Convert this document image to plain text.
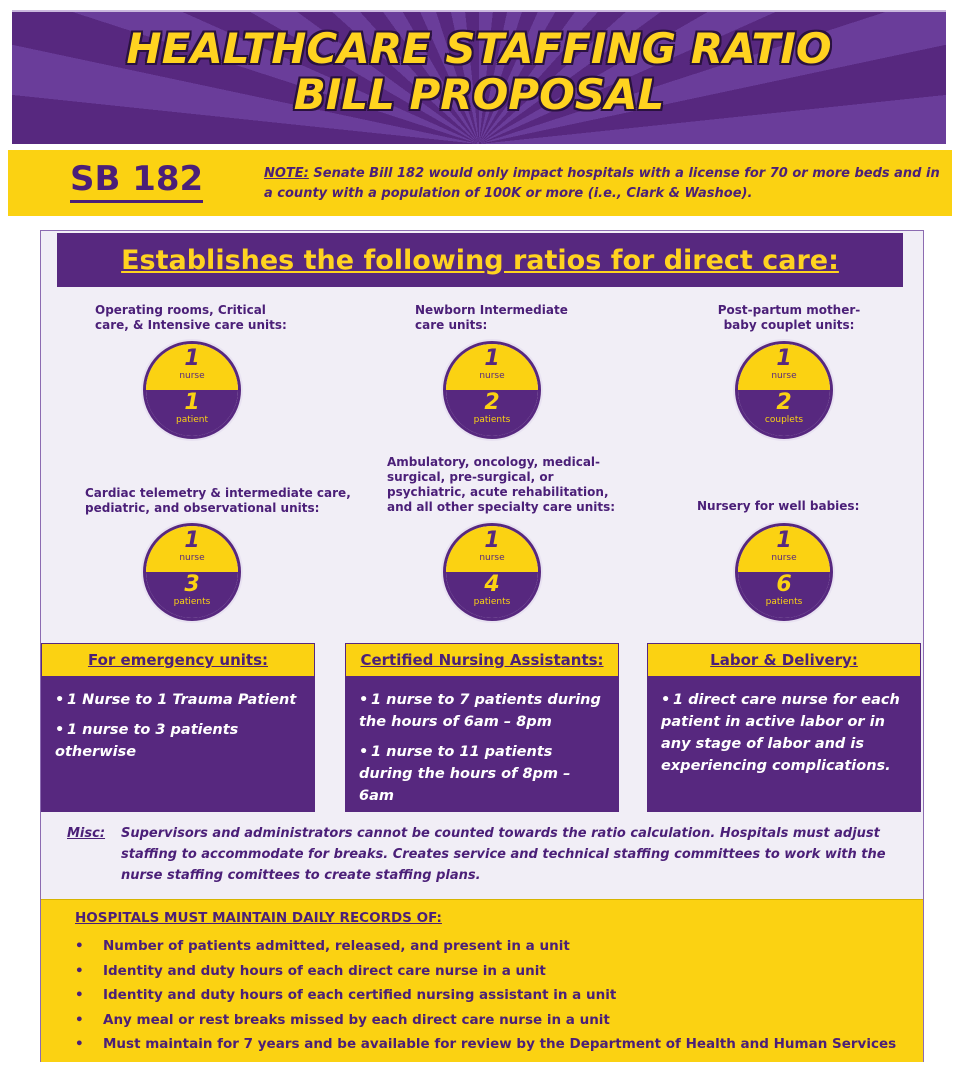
HEALTHCARE STAFFING RATIO
BILL PROPOSAL
SB 182	NOTE: Senate Bill 182 would only impact hospitals with a license for 70 or more beds and in a county with a population of 100K or more (i.e., Clark & Washoe).
Establishes the following ratios for direct care:
Operating rooms, Critical care, & Intensive care units:
1
nurse
1
patient
Newborn Intermediate care units:
1
nurse
2
patients
Post-partum mother-baby couplet units:
1
nurse
2
couplets
Cardiac telemetry & intermediate care, pediatric, and observational units:
1
nurse
3
patients
Ambulatory, oncology, medical-surgical, pre-surgical, or psychiatric, acute rehabilitation, and all other specialty care units:
1
nurse
4
patients
Nursery for well babies:
1
nurse
6
patients
For emergency units:
• 1 Nurse to 1 Trauma Patient
• 1 nurse to 3 patients otherwise
Certified Nursing Assistants:
• 1 nurse to 7 patients during the hours of 6am – 8pm
• 1 nurse to 11 patients during the hours of 8pm – 6am
Labor & Delivery:
• 1 direct care nurse for each patient in active labor or in any stage of labor and is experiencing complications.
Misc: Supervisors and administrators cannot be counted towards the ratio calculation. Hospitals must adjust staffing to accommodate for breaks. Creates service and technical staffing committees to work with the nurse staffing comittees to create staffing plans.
HOSPITALS MUST MAINTAIN DAILY RECORDS OF:
• Number of patients admitted, released, and present in a unit
• Identity and duty hours of each direct care nurse in a unit
• Identity and duty hours of each certified nursing assistant in a unit
• Any meal or rest breaks missed by each direct care nurse in a unit
• Must maintain for 7 years and be available for review by the Department of Health and Human Services
